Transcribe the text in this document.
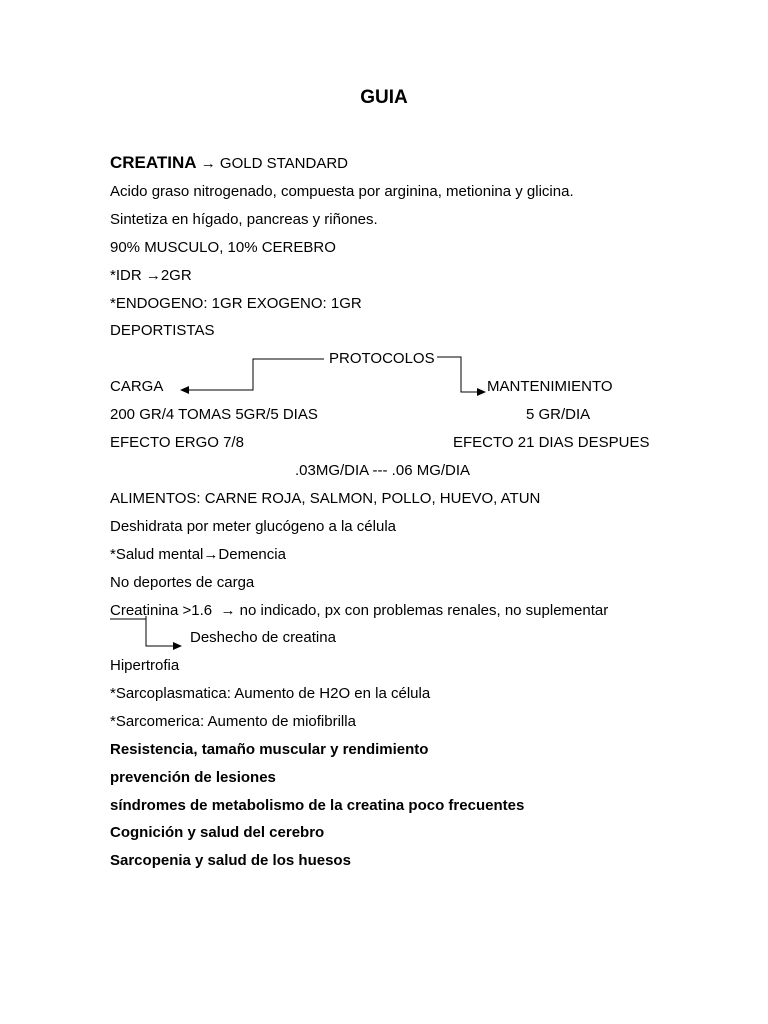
GUIA
CREATINA → GOLD STANDARD
Acido graso nitrogenado, compuesta por arginina, metionina y glicina.
Sintetiza en hígado, pancreas y riñones.
90% MUSCULO, 10% CEREBRO
*IDR →2GR
*ENDOGENO: 1GR EXOGENO: 1GR
DEPORTISTAS
PROTOCOLOS
CARGA	MANTENIMIENTO
200 GR/4 TOMAS 5GR/5 DIAS	5 GR/DIA
EFECTO ERGO 7/8	EFECTO 21 DIAS DESPUES
.03MG/DIA --- .06 MG/DIA
ALIMENTOS: CARNE ROJA, SALMON, POLLO, HUEVO, ATUN
Deshidrata por meter glucógeno a la célula
*Salud mental→Demencia
No deportes de carga
Creatinina >1.6  → no indicado, px con problemas renales, no suplementar
Deshecho de creatina
Hipertrofia
*Sarcoplasmatica: Aumento de H2O en la célula
*Sarcomerica: Aumento de miofibrilla
Resistencia, tamaño muscular y rendimiento
prevención de lesiones
síndromes de metabolismo de la creatina poco frecuentes
Cognición y salud del cerebro
Sarcopenia y salud de los huesos
